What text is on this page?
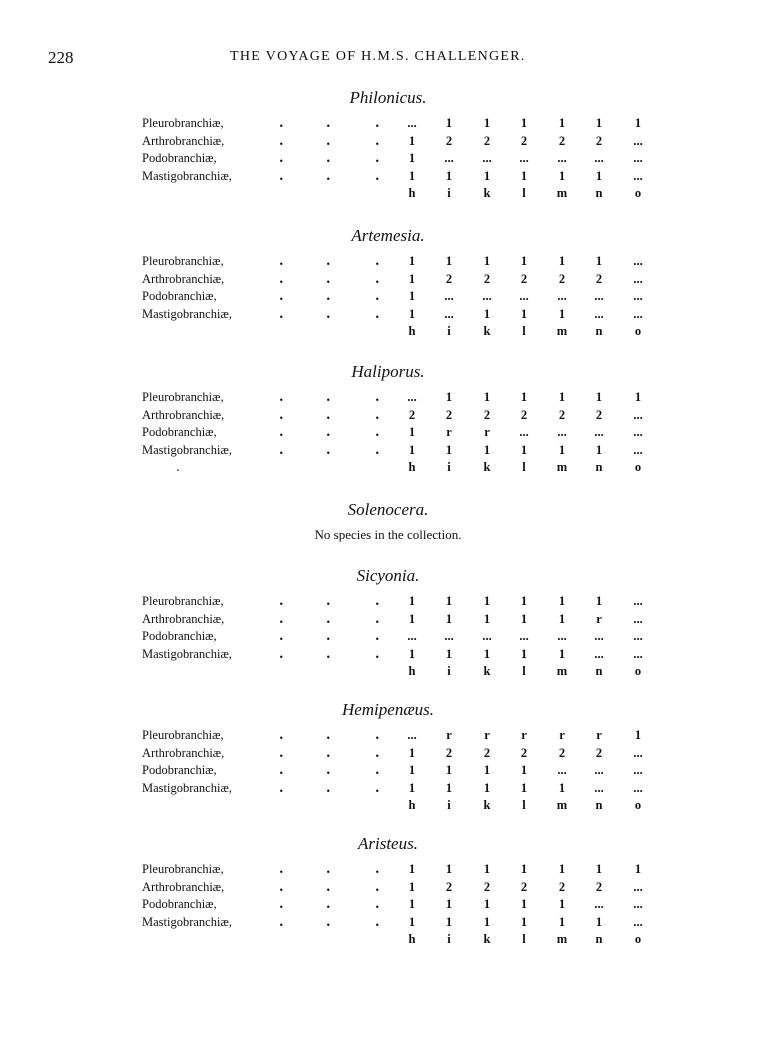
228	THE VOYAGE OF H.M.S. CHALLENGER.
Philonicus.
Pleurobranchiæ,	.	.	.	...	1	1	1	1	1	1
Arthrobranchiæ,	.	.	.	1	2	2	2	2	2	...
Podobranchiæ,	.	.	.	1	...	...	...	...	...	...
Mastigobranchiæ,	.	.	.	1	1	1	1	1	1	...
h	i	k	l	m	n	o
Artemesia.
Pleurobranchiæ,	.	.	.	1	1	1	1	1	1	...
Arthrobranchiæ,	.	.	.	1	2	2	2	2	2	...
Podobranchiæ,	.	.	.	1	...	...	...	...	...	...
Mastigobranchiæ,	.	.	.	1	...	1	1	1	...	...
h	i	k	l	m	n	o
Haliporus.
Pleurobranchiæ,	.	.	.	...	1	1	1	1	1	1
Arthrobranchiæ,	.	.	.	2	2	2	2	2	2	...
Podobranchiæ,	.	.	.	1	r	r	...	...	...	...
Mastigobranchiæ,	.	.	.	1	1	1	1	1	1	...
h	i	k	l	m	n	o
.
Sicyonia.
Pleurobranchiæ,	.	.	.	1	1	1	1	1	1	...
Arthrobranchiæ,	.	.	.	1	1	1	1	1	r	...
Podobranchiæ,	.	.	.	...	...	...	...	...	...	...
Mastigobranchiæ,	.	.	.	1	1	1	1	1	...	...
h	i	k	l	m	n	o
Hemipenæus.
Pleurobranchiæ,	.	.	.	...	r	r	r	r	r	1
Arthrobranchiæ,	.	.	.	1	2	2	2	2	2	...
Podobranchiæ,	.	.	.	1	1	1	1	...	...	...
Mastigobranchiæ,	.	.	.	1	1	1	1	1	...	...
h	i	k	l	m	n	o
Aristeus.
Pleurobranchiæ,	.	.	.	1	1	1	1	1	1	1
Arthrobranchiæ,	.	.	.	1	2	2	2	2	2	...
Podobranchiæ,	.	.	.	1	1	1	1	1	...	...
Mastigobranchiæ,	.	.	.	1	1	1	1	1	1	...
h	i	k	l	m	n	o
Solenocera.
No species in the collection.
